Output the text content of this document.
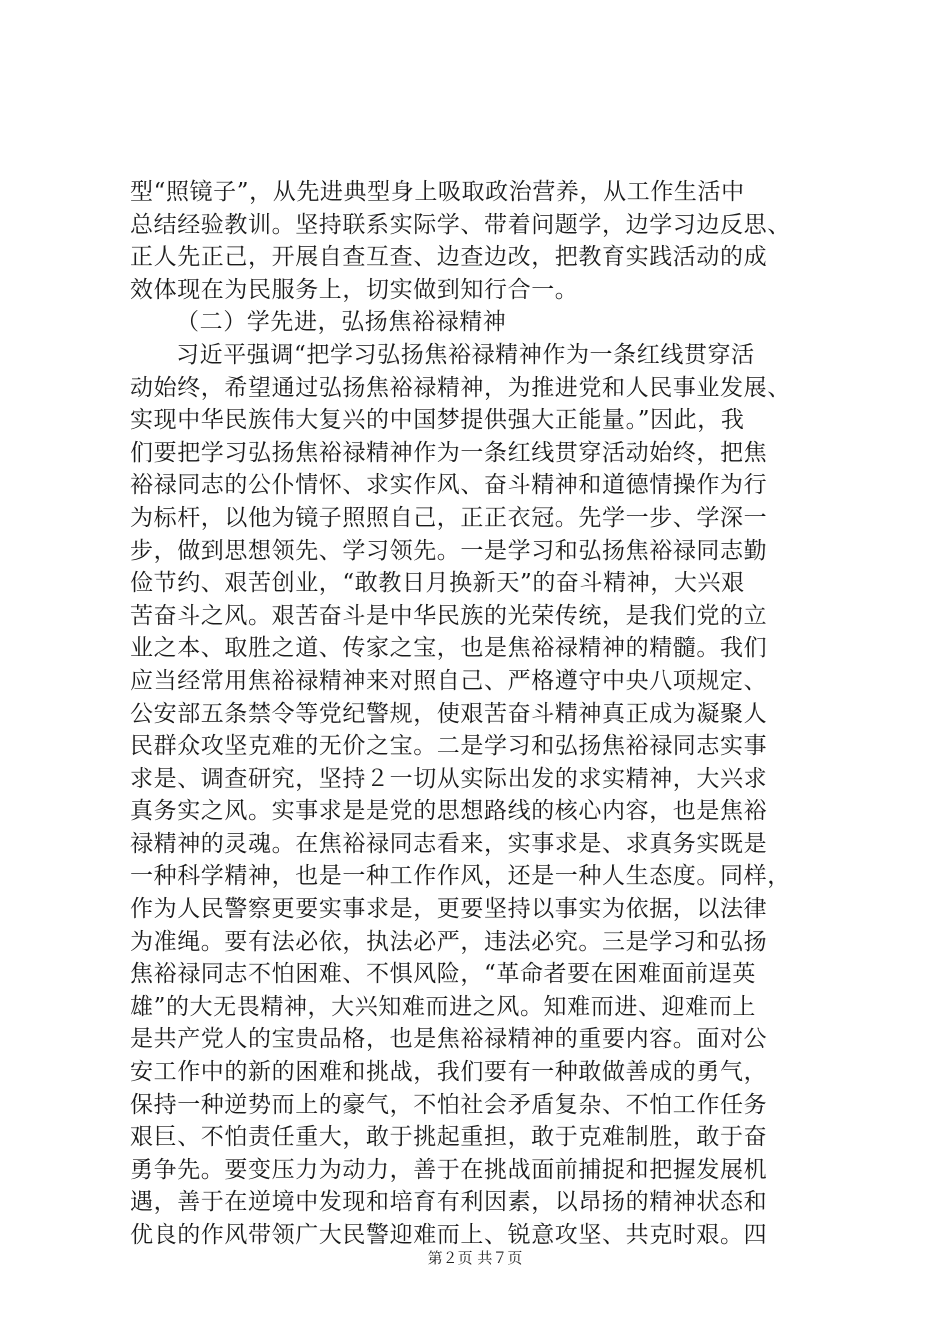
型“照镜子”，从先进典型身上吸取政治营养，从工作生活中
总结经验教训。坚持联系实际学、带着问题学，边学习边反思、
正人先正己，开展自查互查、边查边改，把教育实践活动的成
效体现在为民服务上，切实做到知行合一。
（二）学先进，弘扬焦裕禄精神
习近平强调“把学习弘扬焦裕禄精神作为一条红线贯穿活
动始终，希望通过弘扬焦裕禄精神，为推进党和人民事业发展、
实现中华民族伟大复兴的中国梦提供强大正能量。”因此，我
们要把学习弘扬焦裕禄精神作为一条红线贯穿活动始终，把焦
裕禄同志的公仆情怀、求实作风、奋斗精神和道德情操作为行
为标杆，以他为镜子照照自己，正正衣冠。先学一步、学深一
步，做到思想领先、学习领先。一是学习和弘扬焦裕禄同志勤
俭节约、艰苦创业，“敢教日月换新天”的奋斗精神，大兴艰
苦奋斗之风。艰苦奋斗是中华民族的光荣传统，是我们党的立
业之本、取胜之道、传家之宝，也是焦裕禄精神的精髓。我们
应当经常用焦裕禄精神来对照自己、严格遵守中央八项规定、
公安部五条禁令等党纪警规，使艰苦奋斗精神真正成为凝聚人
民群众攻坚克难的无价之宝。二是学习和弘扬焦裕禄同志实事
求是、调查研究，坚持２一切从实际出发的求实精神，大兴求
真务实之风。实事求是是党的思想路线的核心内容，也是焦裕
禄精神的灵魂。在焦裕禄同志看来，实事求是、求真务实既是
一种科学精神，也是一种工作作风，还是一种人生态度。同样，
作为人民警察更要实事求是，更要坚持以事实为依据，以法律
为准绳。要有法必依，执法必严，违法必究。三是学习和弘扬
焦裕禄同志不怕困难、不惧风险，“革命者要在困难面前逞英
雄”的大无畏精神，大兴知难而进之风。知难而进、迎难而上
是共产党人的宝贵品格，也是焦裕禄精神的重要内容。面对公
安工作中的新的困难和挑战，我们要有一种敢做善成的勇气，
保持一种逆势而上的豪气，不怕社会矛盾复杂、不怕工作任务
艰巨、不怕责任重大，敢于挑起重担，敢于克难制胜，敢于奋
勇争先。要变压力为动力，善于在挑战面前捕捉和把握发展机
遇，善于在逆境中发现和培育有利因素，以昂扬的精神状态和
优良的作风带领广大民警迎难而上、锐意攻坚、共克时艰。四
第２页 共７页
